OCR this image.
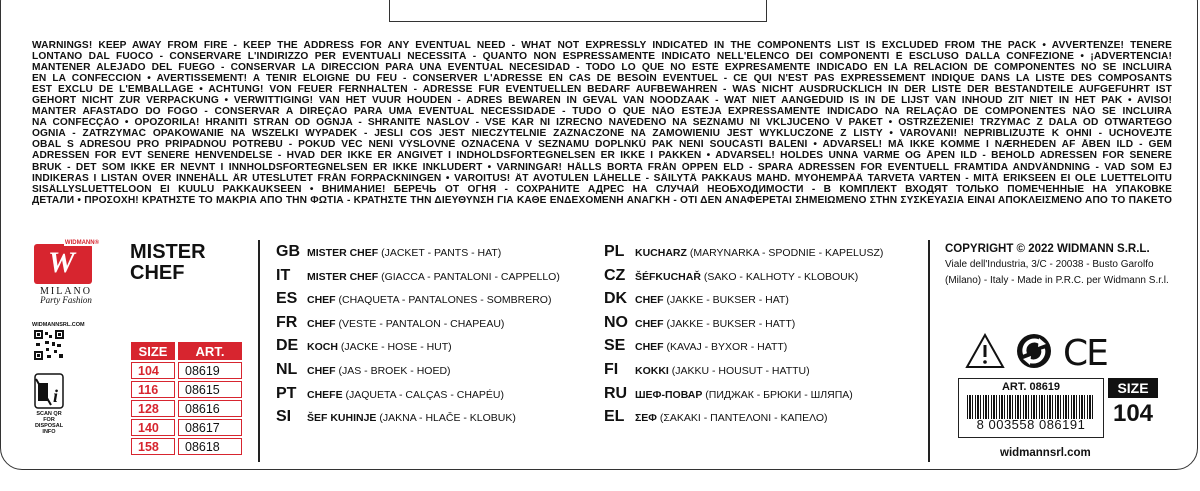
WARNINGS! KEEP AWAY FROM FIRE - KEEP THE ADDRESS FOR ANY EVENTUAL NEED - WHAT NOT EXPRESSLY INDICATED IN THE COMPONENTS LIST IS EXCLUDED FROM THE PACK • AVVERTENZE! TENERE
LONTANO DAL FUOCO - CONSERVARE L'INDIRIZZO PER EVENTUALI NECESSITÀ - QUANTO NON ESPRESSAMENTE INDICATO NELL'ELENCO DEI COMPONENTI È ESCLUSO DALLA CONFEZIONE • ¡ADVERTENCIA!
MANTENER ALEJADO DEL FUEGO - CONSERVAR LA DIRECCIÓN PARA UNA EVENTUAL NECESIDAD - TODO LO QUE NO ESTÉ EXPRESAMENTE INDICADO EN LA RELACIÓN DE COMPONENTES NO SE INCLUIRÁ
EN LA CONFECCIÓN • AVERTISSEMENT! A TENIR ELOIGNE DU FEU - CONSERVER L'ADRESSE EN CAS DE BESOIN EVENTUEL - CE QUI N'EST PAS EXPRESSEMENT INDIQUE DANS LA LISTE DES COMPOSANTS
EST EXCLU DE L'EMBALLAGE • ACHTUNG! VON FEUER FERNHALTEN - ADRESSE FÜR EVENTUELLEN BEDARF AUFBEWAHREN - WAS NICHT AUSDRÜCKLICH IN DER LISTE DER BESTANDTEILE AUFGEFÜHRT IST
GEHÖRT NICHT ZUR VERPACKUNG • VERWITTIGING! VAN HET VUUR HOUDEN - ADRES BEWAREN IN GEVAL VAN NOODZAAK - WAT NIET AANGEDUID IS IN DE LIJST VAN INHOUD ZIT NIET IN HET PAK • AVISO!
MANTER AFASTADO DO FOGO - CONSERVAR A DIREÇÃO PARA UMA EVENTUAL NECESSIDADE - TUDO O QUE NÃO ESTEJA EXPRESSAMENTE INDICADO NA RELAÇÃO DE COMPONENTES NÃO SE INCLUIRÁ
NA CONFECÇÃO • OPOZORILA! HRANITI STRAN OD OGNJA - SHRANITE NASLOV - VSE KAR NI IZRECNO NAVEDENO NA SEZNAMU NI VKLJUČENO V PAKET • OSTRZEŻENIE! TRZYMAĆ Z DALA OD OTWARTEGO
OGNIA - ZATRZYMAĆ OPAKOWANIE NA WSZELKI WYPADEK - JEŚLI COŚ JEST NIECZYTELNIE ZAZNACZONE NA ZAMÓWIENIU JEST WYKLUCZONE Z LISTY • VAROVÁNÍ! NEPŘIBLIŽUJTE K OHNI - UCHOVEJTE
OBAL S ADRESOU PRO PŘÍPADNOU POTŘEBU - POKUD VĚC NENÍ VÝSLOVNĚ OZNAČENA V SEZNAMU DOPLŇKŮ PAK NENÍ SOUČÁSTÍ BALENÍ • ADVARSEL! MÅ IKKE KOMME I NÆRHEDEN AF ÅBEN ILD - GEM
ADRESSEN FOR EVT SENERE HENVENDELSE - HVAD DER IKKE ER ANGIVET I INDHOLDSFORTEGNELSEN ER IKKE I PAKKEN • ADVARSEL! HOLDES UNNA VARME OG ÅPEN ILD - BEHOLD ADRESSEN FOR SENERE
BRUK - DET SOM IKKE ER NEVNT I INNHOLDSFORTEGNELSEN ER IKKE INKLUDERT • VARNINGAR! HÅLLS BORTA FRÅN ÖPPEN ELD - SPARA ADRESSEN FÖR EVENTUELL FRAMTIDA ANDVÄNDNING - VAD SOM EJ
INDIKERAS I LISTAN ÖVER INNEHÅLL ÄR UTESLUTET FRÅN FÖRPACKNINGEN • VAROITUS! ÄT AVOTULEN LÄHELLE - SÄILYTÄ PAKKAUS MAHD. MYÖHEMPÄÄ TARVETA VARTEN - MITÄ ERIKSEEN EI OLE LUETTELOITU
SISÄLLYSLUETTELOON EI KUULU PAKKAUKSEEN • ВНИМАНИЕ! БЕРЕЧЬ ОТ ОГНЯ - СОХРАНИТЕ АДРЕС НА СЛУЧАЙ НЕОБХОДИМОСТИ - В КОМПЛЕКТ ВХОДЯТ ТОЛЬКО ПОМЕЧЕННЫЕ НА УПАКОВКЕ
ДЕТАЛИ • ΠΡΟΣΟΧΗ! ΚΡΑΤΗΣΤΕ ΤΟ ΜΑΚΡΙΑ ΑΠΟ ΤΗΝ ΦΩΤΙΑ - ΚΡΑΤΗΣΤΕ ΤΗΝ ΔΙΕΥΘΥΝΣΗ ΓΙΑ ΚΑΘΕ ΕΝΔΕΧΟΜΕΝΗ ΑΝΑΓΚΗ - ΟΤΙ ΔΕΝ ΑΝΑΦΕΡΕΤΑΙ ΣΗΜΕΙΩΜΕΝΟ ΣΤΗΝ ΣΥΣΚΕΥΑΣΙΑ ΕΙΝΑΙ ΑΠΟΚΛΕΙΣΜΕΝΟ ΑΠΟ ΤΟ ΠΑΚΕΤΟ
W
WIDMANN®
MILANO
Party Fashion
MISTER
CHEF
WIDMANNSRL.COM
i
SCAN QR FOR
DISPOSAL INFO
SIZE	ART.
104	08619
116	08615
128	08616
140	08617
158	08618
GB MISTER CHEF (JACKET - PANTS - HAT)
IT	MISTER CHEF (GIACCA - PANTALONI - CAPPELLO)
ES CHEF (CHAQUETA - PANTALONES - SOMBRERO)
FR CHEF (VESTE - PANTALON - CHAPEAU)
DE KOCH (JACKE - HOSE - HUT)
NL CHEF (JAS - BROEK - HOED)
PT	CHEFE (JAQUETA - CALÇAS - CHAPÉU)
SI	ŠEF KUHINJE (JAKNA - HLAČE - KLOBUK)
PL	KUCHARZ (MARYNARKA - SPODNIE - KAPELUSZ)
CZ ŠÉFKUCHAŘ (SAKO - KALHOTY - KLOBOUK)
DK CHEF (JAKKE - BUKSER - HAT)
NO CHEF (JAKKE - BUKSER - HATT)
SE CHEF (KAVAJ - BYXOR - HATT)
FI	KOKKI (JAKKU - HOUSUT - HATTU)
RU ШЕФ-ПОВАР (ПИДЖАК - БРЮКИ - ШЛЯПА)
EL	ΣΕΦ (ΣΑΚΑΚΙ - ΠΑΝΤΕΛΟΝΙ - ΚΑΠΕΛΟ)
COPYRIGHT © 2022 WIDMANN S.R.L.
Viale dell'Industria, 3/C - 20038 - Busto Garolfo
(Milano) - Italy - Made in P.R.C. per Widmann S.r.l.
CE
ART. 08619
8 003558 086191
SIZE
104
widmannsrl.com
